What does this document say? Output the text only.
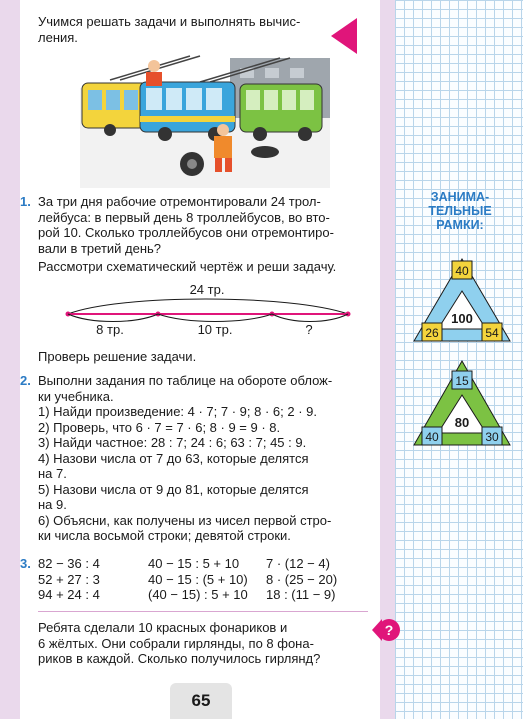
Учимся решать задачи и выполнять вычис-
ления.
1. За три дня рабочие отремонтировали 24 трол-
лейбуса: в первый день 8 троллейбусов, во вто-
рой 10. Сколько троллейбусов они отремонтиро-
вали в третий день?
Рассмотри схематический чертёж и реши задачу.
24 тр.
8 тр.	10 тр.	?
Проверь решение задачи.
2. Выполни задания по таблице на обороте облож-
ки учебника.
1) Найди произведение: 4 · 7; 7 · 9; 8 · 6; 2 · 9.
2) Проверь, что 6 · 7 = 7 · 6; 8 · 9 = 9 · 8.
3) Найди частное: 28 : 7; 24 : 6; 63 : 7; 45 : 9.
4) Назови числа от 7 до 63, которые делятся
на 7.
5) Назови числа от 9 до 81, которые делятся
на 9.
6) Объясни, как получены из чисел первой стро-
ки числа восьмой строки; девятой строки.
3. 82 − 36 : 4	40 − 15 : 5 + 10	7 · (12 − 4)
52 + 27 : 3	40 − 15 : (5 + 10)	8 · (25 − 20)
94 + 24 : 4	(40 − 15) : 5 + 10	18 : (11 − 9)
?
Ребята сделали 10 красных фонариков и
6 жёлтых. Они собрали гирлянды, по 8 фона-
риков в каждой. Сколько получилось гирлянд?
65
ЗАНИМА-
ТЕЛЬНЫЕ
РАМКИ:
40
100
26	54
15
80
40	30
